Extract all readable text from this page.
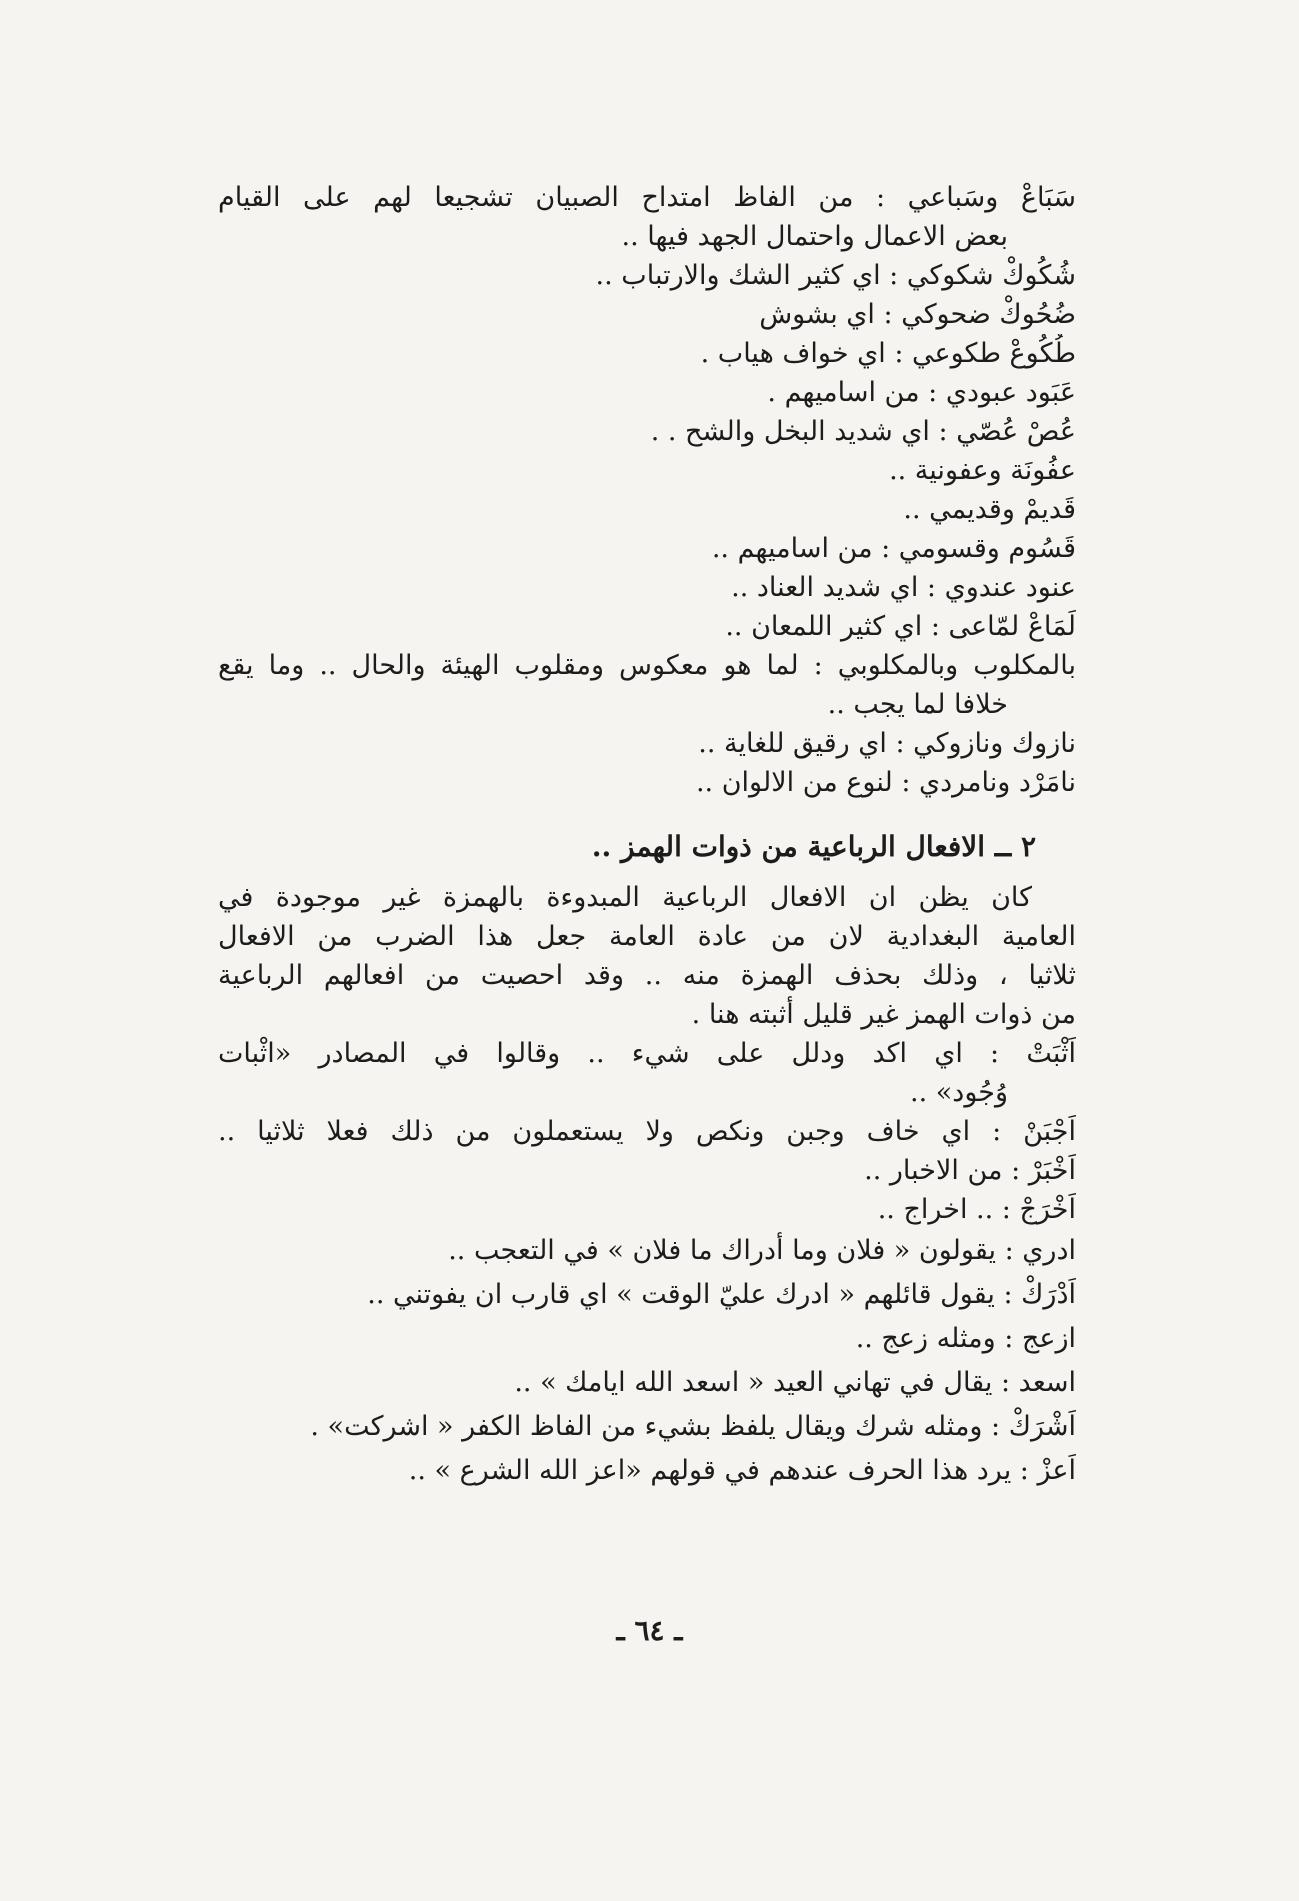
سَبَاعْ وسَباعي : من الفاظ امتداح الصبيان تشجيعا لهم على القيام
بعض الاعمال واحتمال الجهد فيها ..
شُكُوكْ شكوكي : اي كثير الشك والارتباب ..
ضُحُوكْ ضحوكي : اي بشوش
طُكُوعْ طكوعي : اي خواف هياب .
عَبَود عبودي : من اساميهم .
عُصْ عُصّي : اي شديد البخل والشح . .
عفُونَة وعفونية ..
قَديمْ وقديمي ..
قَسُوم وقسومي : من اساميهم ..
عنود عندوي : اي شديد العناد ..
لَمَاعْ لمّاعى : اي كثير اللمعان ..
بالمكلوب وبالمكلوبي : لما هو معكوس ومقلوب الهيئة والحال .. وما يقع
خلافا لما يجب ..
نازوك ونازوكي : اي رقيق للغاية ..
نامَرْد ونامردي : لنوع من الالوان ..
٢ ــ الافعال الرباعية من ذوات الهمز ..
كان يظن ان الافعال الرباعية المبدوءة بالهمزة غير موجودة في
العامية البغدادية لان من عادة العامة جعل هذا الضرب من الافعال
ثلاثيا ، وذلك بحذف الهمزة منه .. وقد احصيت من افعالهم الرباعية
من ذوات الهمز غير قليل أثبته هنا .
اَثْبَتْ : اي اكد ودلل على شيء .. وقالوا في المصادر «اثْبات
وُجُود» ..
اَجْبَنْ : اي خاف وجبن ونكص ولا يستعملون من ذلك فعلا ثلاثيا ..
اَخْبَرْ : من الاخبار ..
اَخْرَجْ : .. اخراج ..
ادري : يقولون « فلان وما أدراك ما فلان » في التعجب ..
اَدْرَكْ : يقول قائلهم « ادرك عليّ الوقت » اي قارب ان يفوتني ..
ازعج : ومثله زعج ..
اسعد : يقال في تهاني العيد « اسعد الله ايامك » ..
اَشْرَكْ : ومثله شرك ويقال يلفظ بشيء من الفاظ الكفر « اشركت» .
اَعزْ : يرد هذا الحرف عندهم في قولهم «اعز الله الشرع » ..
ـ ٦٤ ـ
